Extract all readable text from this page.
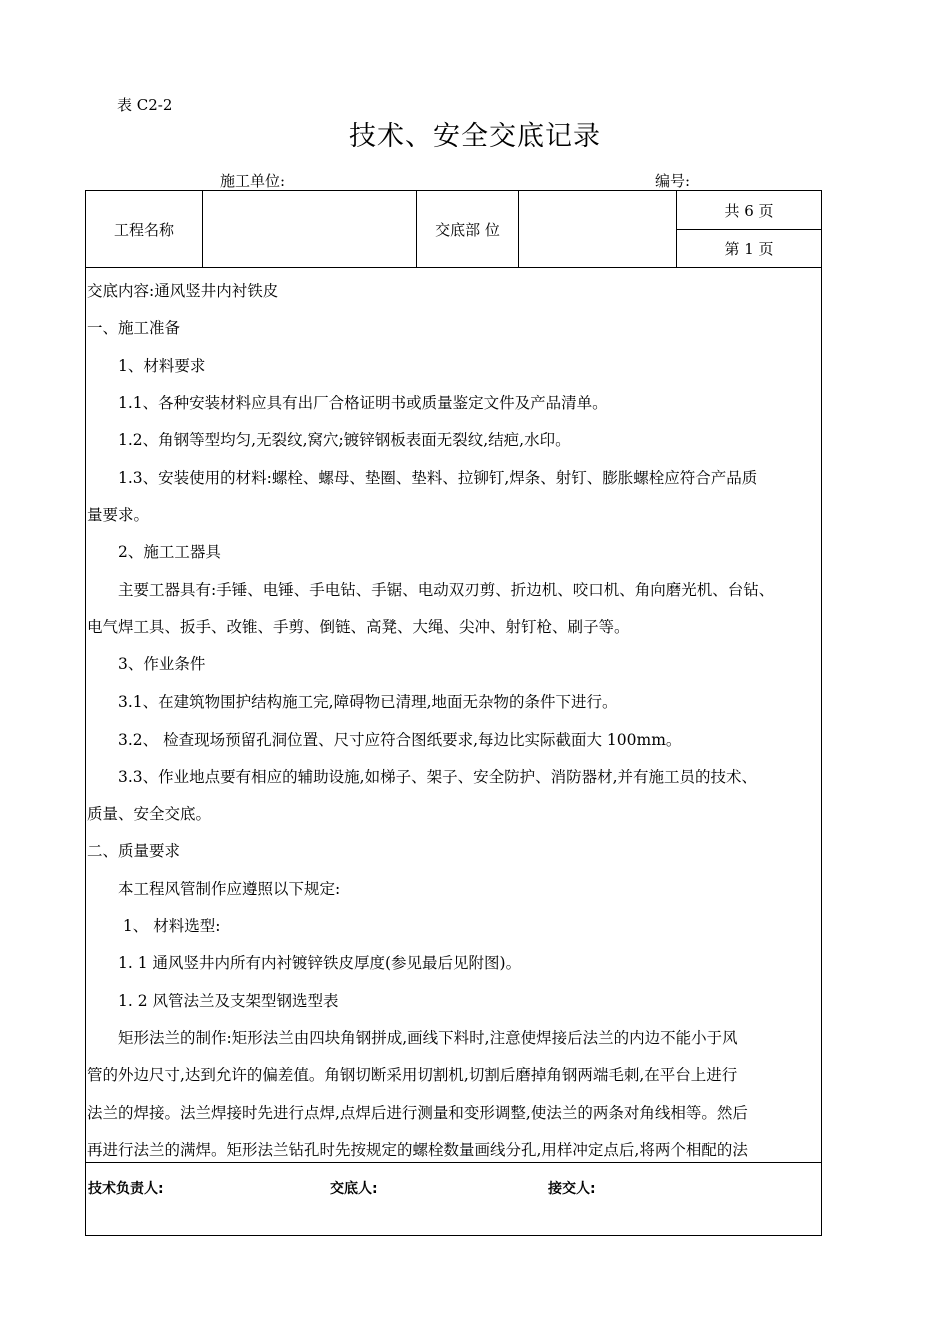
表 C2-2
技术、安全交底记录
施工单位:	编号:
工程名称	交底部 位
共 6 页
第 1 页
交底内容:通风竖井内衬铁皮
一、施工准备
　　1、材料要求
　　1.1、各种安装材料应具有出厂合格证明书或质量鉴定文件及产品清单。
　　1.2、角钢等型均匀,无裂纹,窝穴;镀锌钢板表面无裂纹,结疤,水印。
　　1.3、安装使用的材料:螺栓、螺母、垫圈、垫料、拉铆钉,焊条、射钉、膨胀螺栓应符合产品质
量要求。
　　2、施工工器具
　　主要工器具有:手锤、电锤、手电钻、手锯、电动双刃剪、折边机、咬口机、角向磨光机、台钻、
电气焊工具、扳手、改锥、手剪、倒链、高凳、大绳、尖冲、射钉枪、刷子等。
　　3、作业条件
　　3.1、在建筑物围护结构施工完,障碍物已清理,地面无杂物的条件下进行。
　　3.2、 检查现场预留孔洞位置、尺寸应符合图纸要求,每边比实际截面大 100mm。
　　3.3、作业地点要有相应的辅助设施,如梯子、架子、安全防护、消防器材,并有施工员的技术、
质量、安全交底。
二、质量要求
　　本工程风管制作应遵照以下规定:
　　 1、 材料选型:
　　1. 1 通风竖井内所有内衬镀锌铁皮厚度(参见最后见附图)。
　　1. 2 风管法兰及支架型钢选型表
　　矩形法兰的制作:矩形法兰由四块角钢拼成,画线下料时,注意使焊接后法兰的内边不能小于风
管的外边尺寸,达到允许的偏差值。角钢切断采用切割机,切割后磨掉角钢两端毛刺,在平台上进行
法兰的焊接。法兰焊接时先进行点焊,点焊后进行测量和变形调整,使法兰的两条对角线相等。然后
再进行法兰的满焊。矩形法兰钻孔时先按规定的螺栓数量画线分孔,用样冲定点后,将两个相配的法
技术负责人:	交底人:	接交人:
